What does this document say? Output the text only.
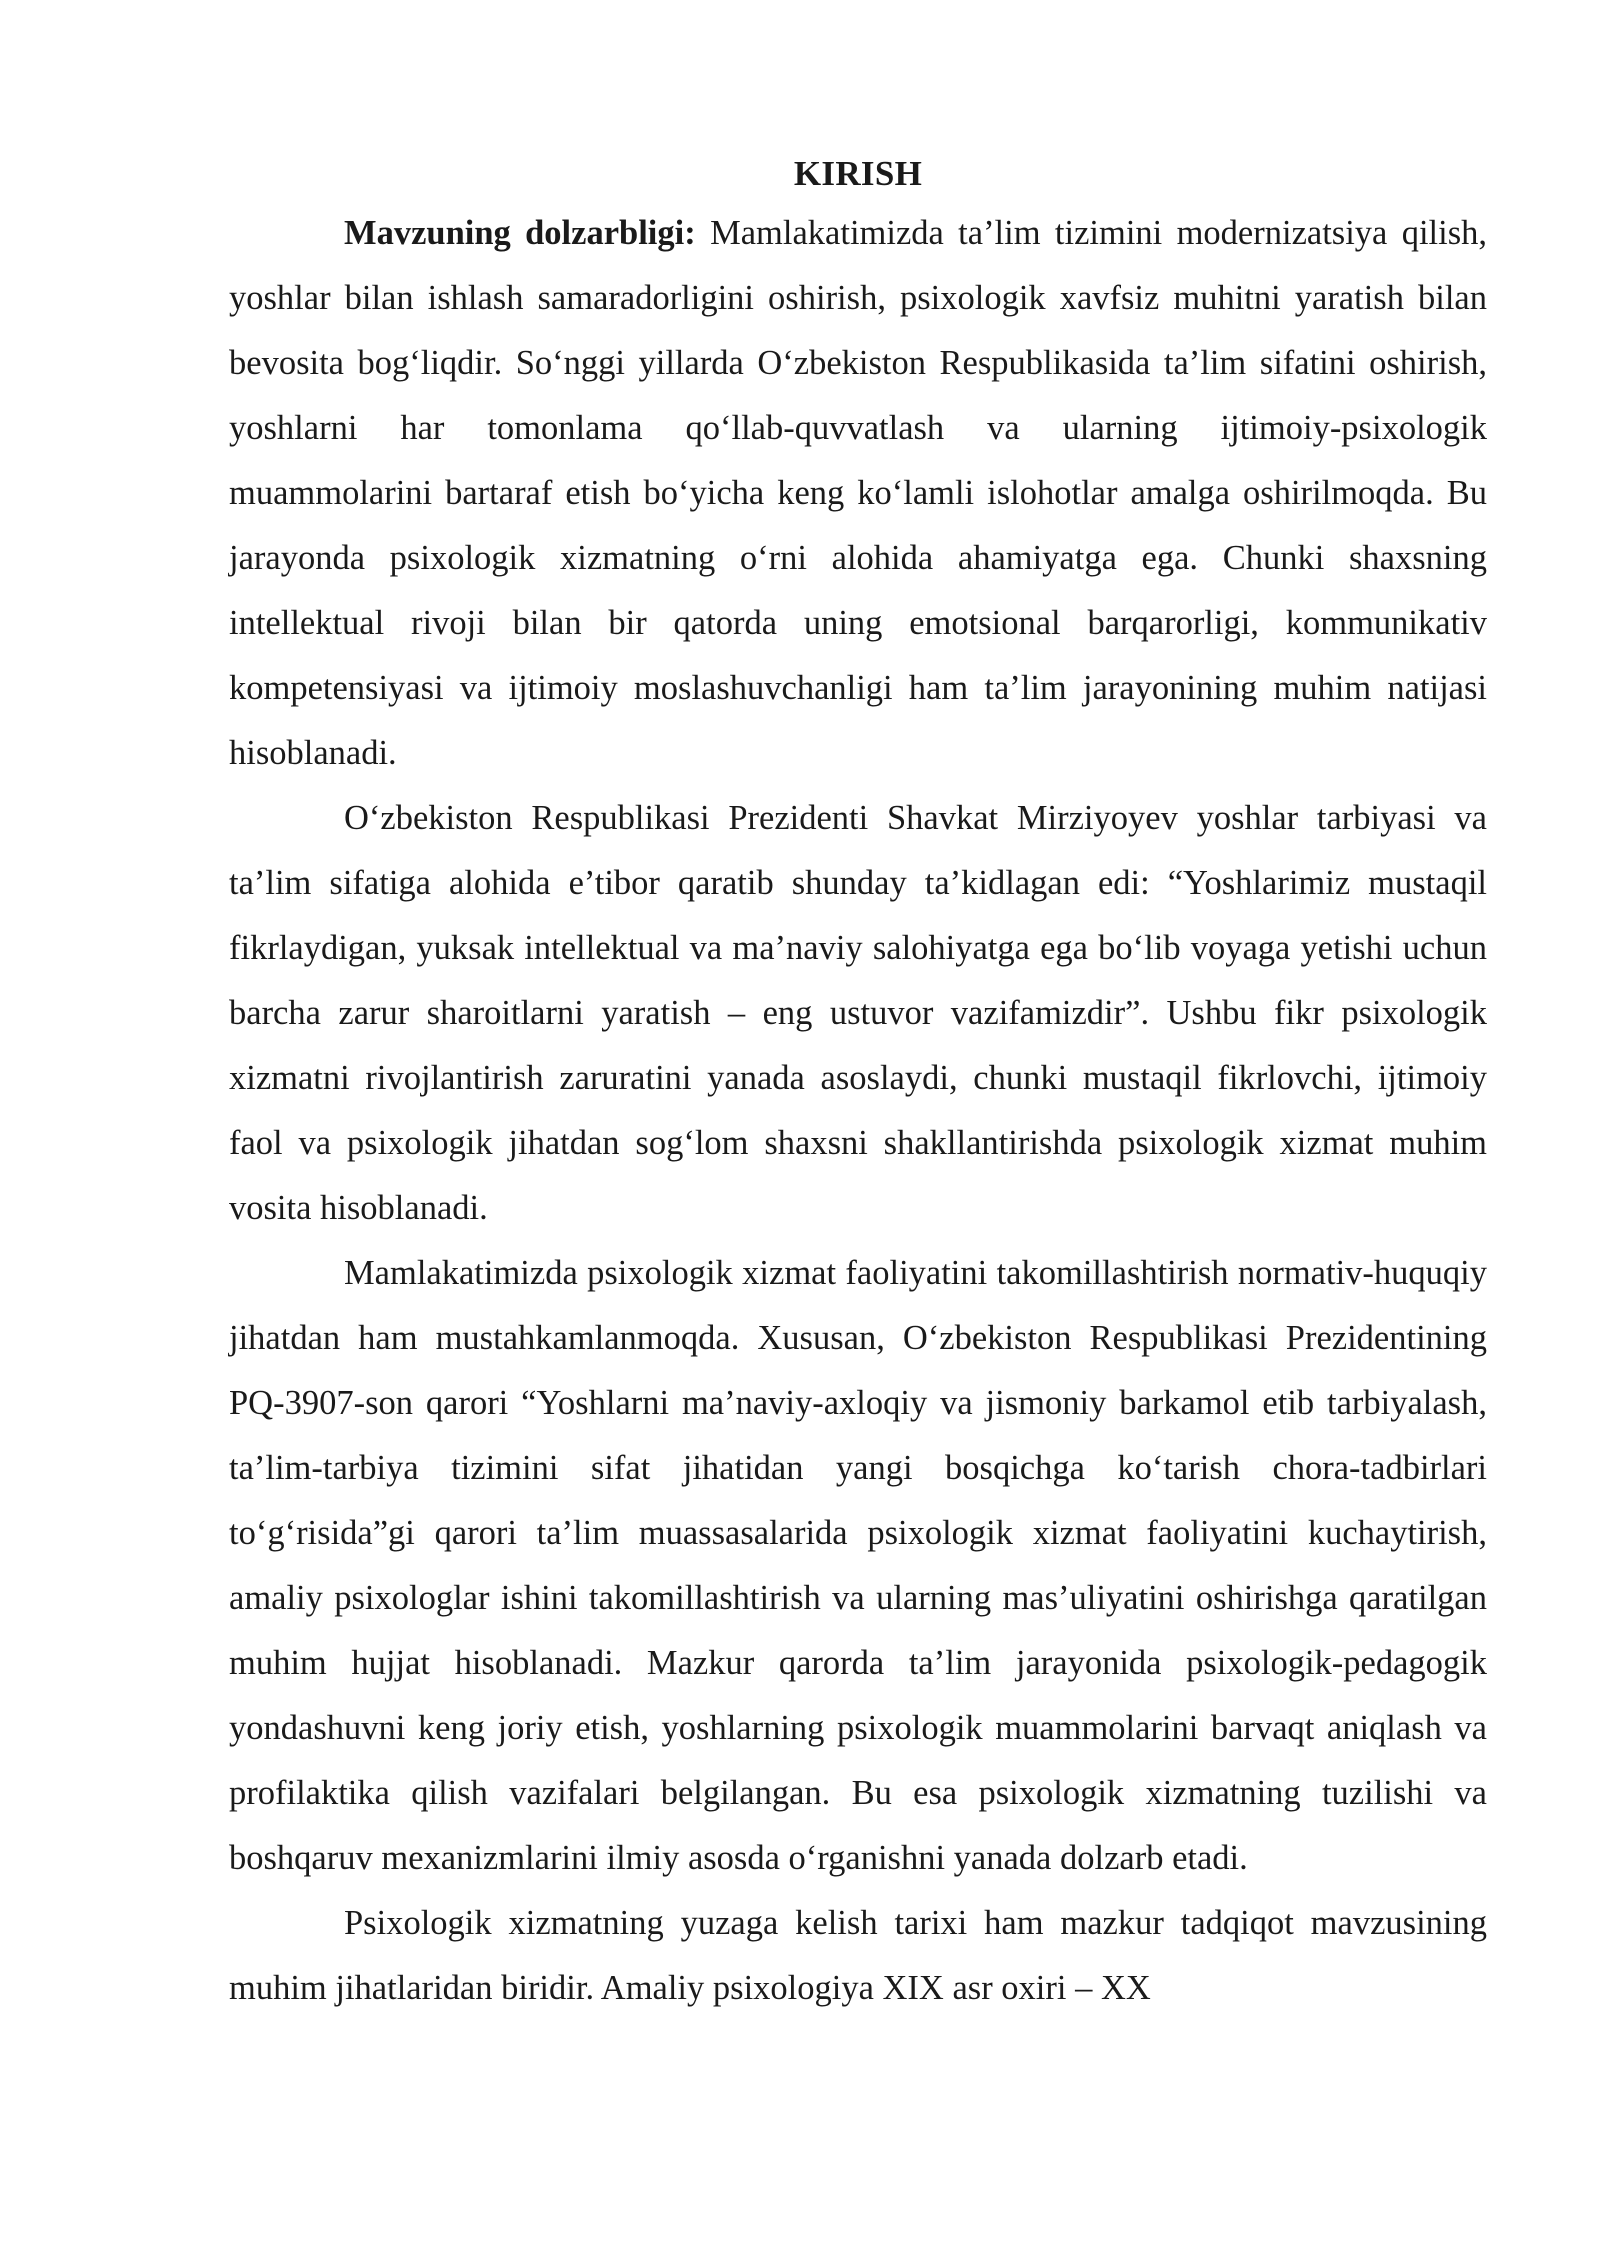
KIRISH

Mavzuning dolzarbligi: Mamlakatimizda ta’lim tizimini modernizatsiya qilish, yoshlar bilan ishlash samaradorligini oshirish, psixologik xavfsiz muhitni yaratish bilan bevosita bog‘liqdir. So‘nggi yillarda O‘zbekiston Respublikasida ta’lim sifatini oshirish, yoshlarni har tomonlama qo‘llab-quvvatlash va ularning ijtimoiy-psixologik muammolarini bartaraf etish bo‘yicha keng ko‘lamli islohotlar amalga oshirilmoqda. Bu jarayonda psixologik xizmatning o‘rni alohida ahamiyatga ega. Chunki shaxsning intellektual rivoji bilan bir qatorda uning emotsional barqarorligi, kommunikativ kompetensiyasi va ijtimoiy moslashuvchanligi ham ta’lim jarayonining muhim natijasi hisoblanadi.

O‘zbekiston Respublikasi Prezidenti Shavkat Mirziyoyev yoshlar tarbiyasi va ta’lim sifatiga alohida e’tibor qaratib shunday ta’kidlagan edi: “Yoshlarimiz mustaqil fikrlaydigan, yuksak intellektual va ma’naviy salohiyatga ega bo‘lib voyaga yetishi uchun barcha zarur sharoitlarni yaratish – eng ustuvor vazifamizdir”. Ushbu fikr psixologik xizmatni rivojlantirish zaruratini yanada asoslaydi, chunki mustaqil fikrlovchi, ijtimoiy faol va psixologik jihatdan sog‘lom shaxsni shakllantirishda psixologik xizmat muhim vosita hisoblanadi.

Mamlakatimizda psixologik xizmat faoliyatini takomillashtirish normativ-huquqiy jihatdan ham mustahkamlanmoqda. Xususan, O‘zbekiston Respublikasi Prezidentining PQ-3907-son qarori “Yoshlarni ma’naviy-axloqiy va jismoniy barkamol etib tarbiyalash, ta’lim-tarbiya tizimini sifat jihatidan yangi bosqichga ko‘tarish chora-tadbirlari to‘g‘risida”gi qarori ta’lim muassasalarida psixologik xizmat faoliyatini kuchaytirish, amaliy psixologlar ishini takomillashtirish va ularning mas’uliyatini oshirishga qaratilgan muhim hujjat hisoblanadi. Mazkur qarorda ta’lim jarayonida psixologik-pedagogik yondashuvni keng joriy etish, yoshlarning psixologik muammolarini barvaqt aniqlash va profilaktika qilish vazifalari belgilangan. Bu esa psixologik xizmatning tuzilishi va boshqaruv mexanizmlarini ilmiy asosda o‘rganishni yanada dolzarb etadi.

Psixologik xizmatning yuzaga kelish tarixi ham mazkur tadqiqot mavzusining muhim jihatlaridan biridir. Amaliy psixologiya XIX asr oxiri – XX
